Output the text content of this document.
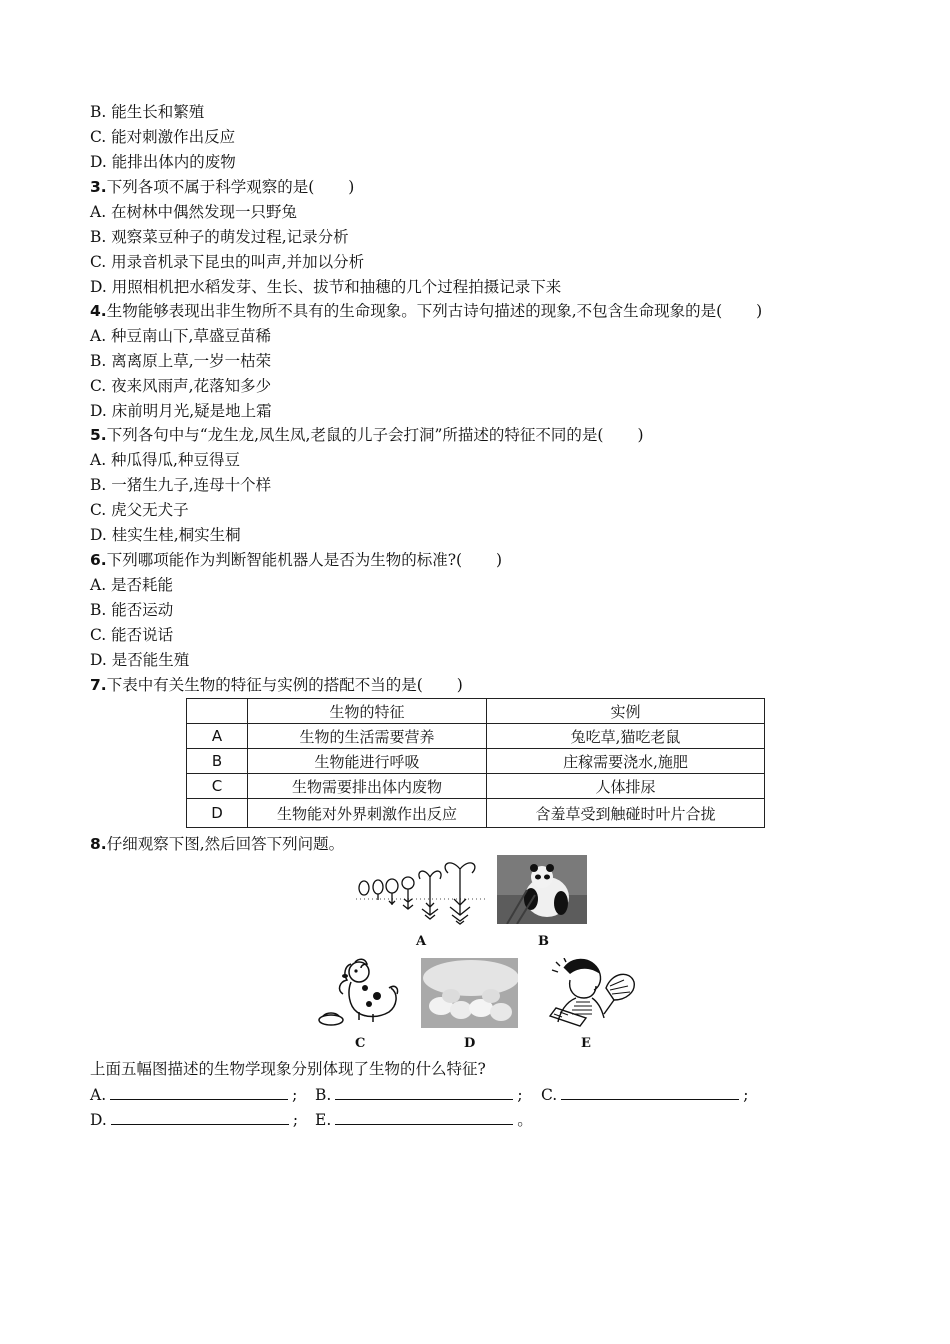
B. 能生长和繁殖
C. 能对刺激作出反应
D. 能排出体内的废物
3.下列各项不属于科学观察的是( )
A. 在树林中偶然发现一只野兔
B. 观察菜豆种子的萌发过程,记录分析
C. 用录音机录下昆虫的叫声,并加以分析
D. 用照相机把水稻发芽、生长、拔节和抽穗的几个过程拍摄记录下来
4.生物能够表现出非生物所不具有的生命现象。下列古诗句描述的现象,不包含生命现象的是( )
A. 种豆南山下,草盛豆苗稀
B. 离离原上草,一岁一枯荣
C. 夜来风雨声,花落知多少
D. 床前明月光,疑是地上霜
5.下列各句中与“龙生龙,凤生凤,老鼠的儿子会打洞”所描述的特征不同的是( )
A. 种瓜得瓜,种豆得豆
B. 一猪生九子,连母十个样
C. 虎父无犬子
D. 桂实生桂,桐实生桐
6.下列哪项能作为判断智能机器人是否为生物的标准?( )
A. 是否耗能
B. 能否运动
C. 能否说话
D. 是否能生殖
7.下表中有关生物的特征与实例的搭配不当的是( )
	生物的特征	实例
A	生物的生活需要营养	兔吃草,猫吃老鼠
B	生物能进行呼吸	庄稼需要浇水,施肥
C	生物需要排出体内废物	人体排尿
D	生物能对外界刺激作出反应	含羞草受到触碰时叶片合拢
8.仔细观察下图,然后回答下列问题。
A	B
C	D	E
上面五幅图描述的生物学现象分别体现了生物的什么特征?
A.	; B.	; C.	;
D.	; E.	。
